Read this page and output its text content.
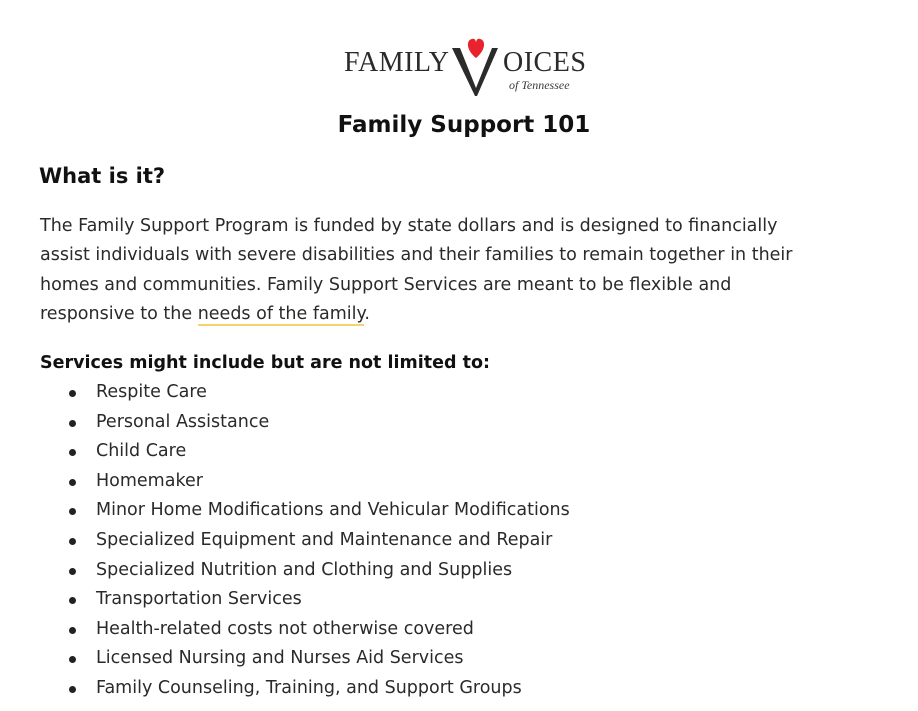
FAMILY OICES
of Tennessee
Family Support 101
What is it?

The Family Support Program is funded by state dollars and is designed to financially assist individuals with severe disabilities and their families to remain together in their homes and communities. Family Support Services are meant to be flexible and responsive to the needs of the family.

Services might include but are not limited to:

Respite Care
Personal Assistance
Child Care
Homemaker
Minor Home Modifications and Vehicular Modifications
Specialized Equipment and Maintenance and Repair
Specialized Nutrition and Clothing and Supplies
Transportation Services
Health-related costs not otherwise covered
Licensed Nursing and Nurses Aid Services
Family Counseling, Training, and Support Groups
